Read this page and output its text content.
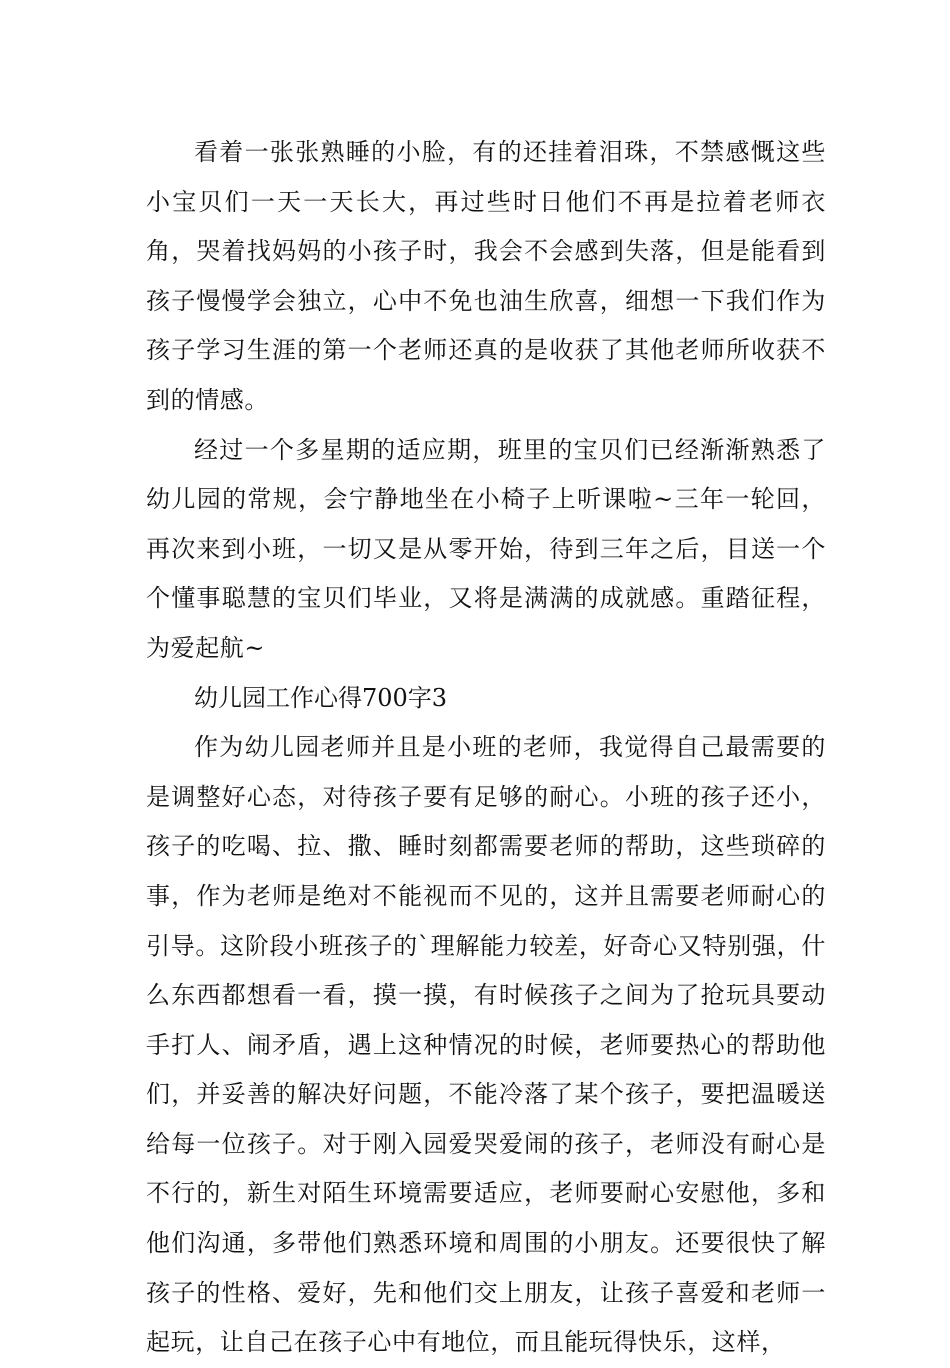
看着一张张熟睡的小脸，有的还挂着泪珠，不禁感慨这些小宝贝们一天一天长大，再过些时日他们不再是拉着老师衣角，哭着找妈妈的小孩子时，我会不会感到失落，但是能看到孩子慢慢学会独立，心中不免也油生欣喜，细想一下我们作为孩子学习生涯的第一个老师还真的是收获了其他老师所收获不到的情感。

经过一个多星期的适应期，班里的宝贝们已经渐渐熟悉了幼儿园的常规，会宁静地坐在小椅子上听课啦~三年一轮回，再次来到小班，一切又是从零开始，待到三年之后，目送一个个懂事聪慧的宝贝们毕业，又将是满满的成就感。重踏征程，为爱起航~

幼儿园工作心得700字3

作为幼儿园老师并且是小班的老师，我觉得自己最需要的是调整好心态，对待孩子要有足够的耐心。小班的孩子还小，孩子的吃喝、拉、撒、睡时刻都需要老师的帮助，这些琐碎的事，作为老师是绝对不能视而不见的，这并且需要老师耐心的引导。这阶段小班孩子的`理解能力较差，好奇心又特别强，什么东西都想看一看，摸一摸，有时候孩子之间为了抢玩具要动手打人、闹矛盾，遇上这种情况的时候，老师要热心的帮助他们，并妥善的解决好问题，不能冷落了某个孩子，要把温暖送给每一位孩子。对于刚入园爱哭爱闹的孩子，老师没有耐心是不行的，新生对陌生环境需要适应，老师要耐心安慰他，多和他们沟通，多带他们熟悉环境和周围的小朋友。还要很快了解孩子的性格、爱好，先和他们交上朋友，让孩子喜爱和老师一起玩，让自己在孩子心中有地位，而且能玩得快乐，这样，
